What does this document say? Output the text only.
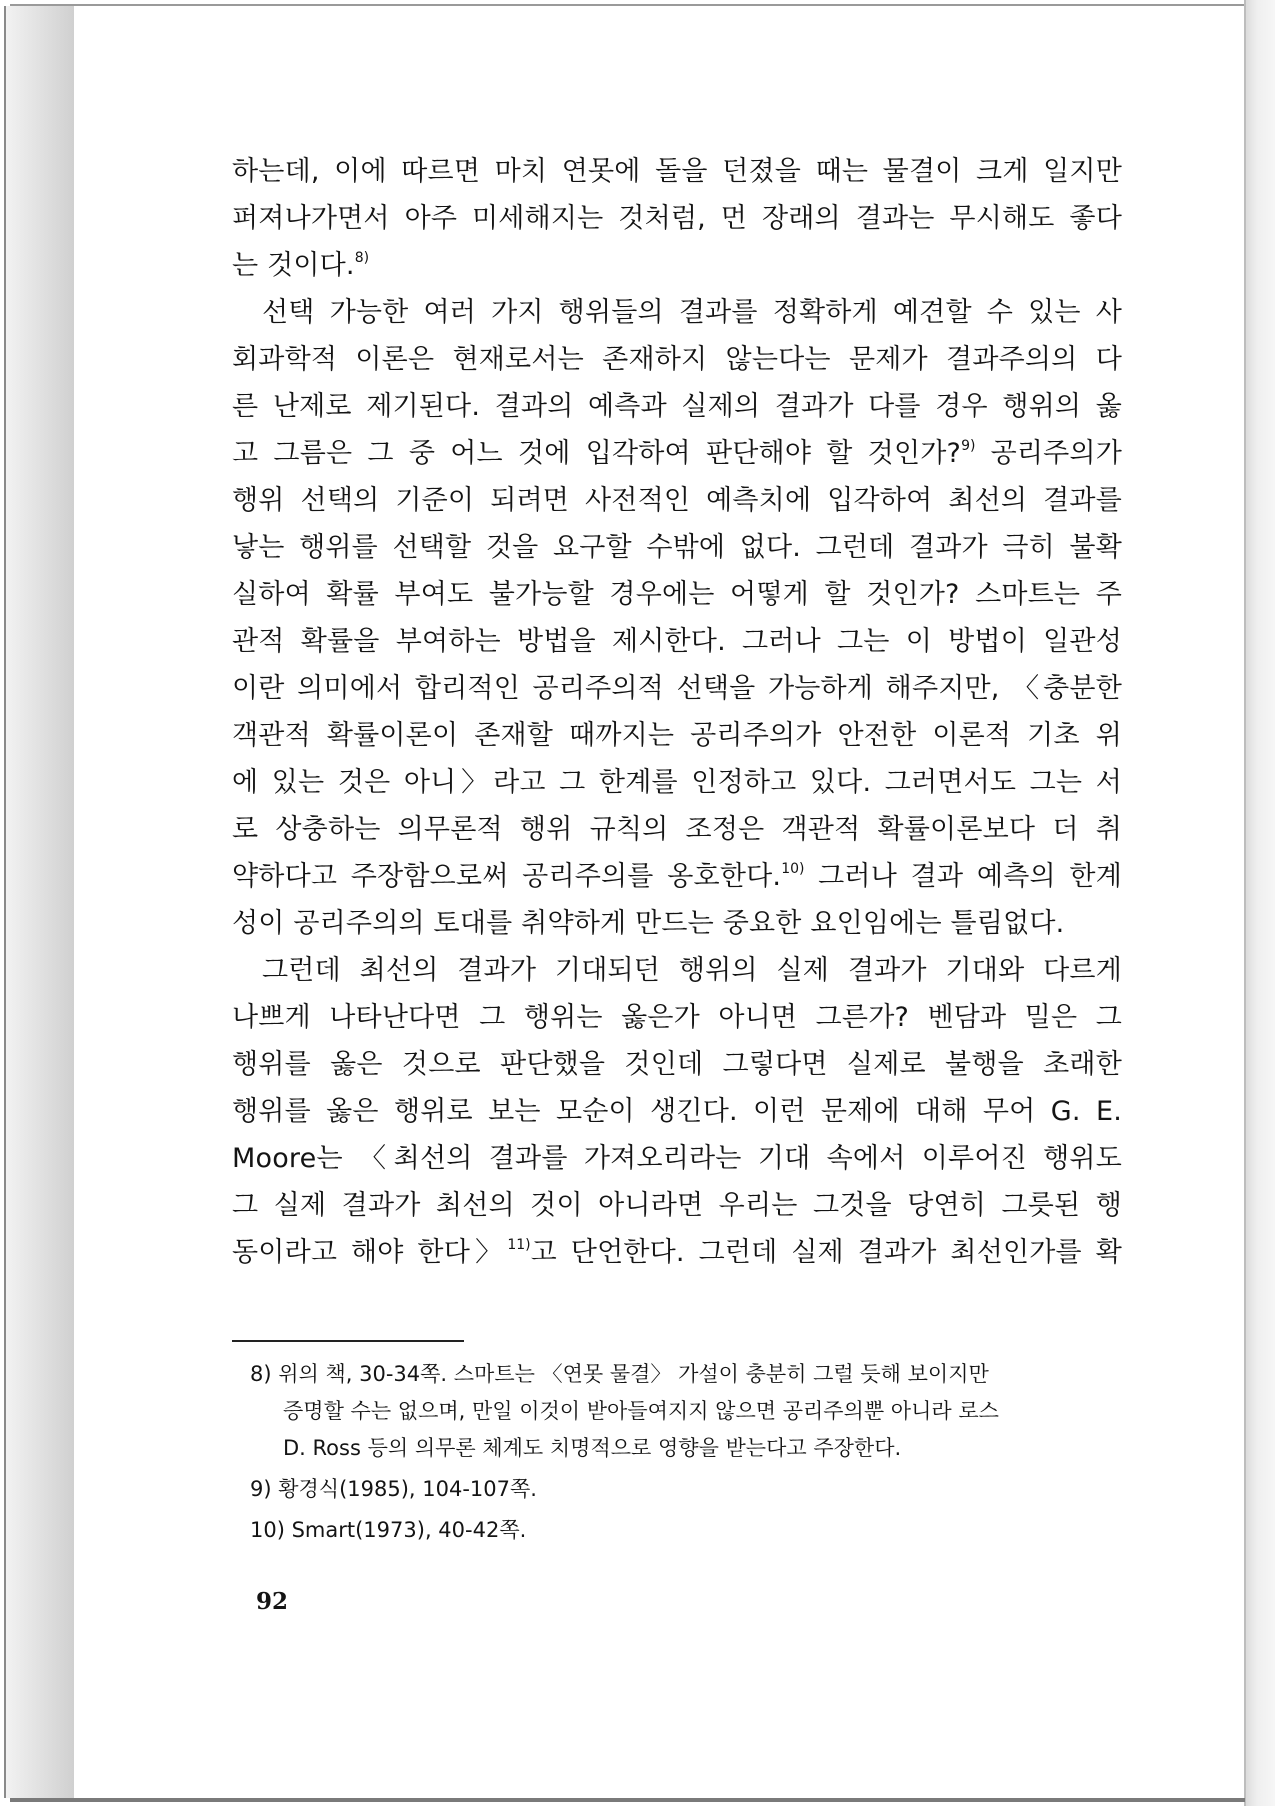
하는데, 이에 따르면 마치 연못에 돌을 던졌을 때는 물결이 크게 일지만
퍼져나가면서 아주 미세해지는 것처럼, 먼 장래의 결과는 무시해도 좋다
는 것이다.$^{8)}$
선택 가능한 여러 가지 행위들의 결과를 정확하게 예견할 수 있는 사
회과학적 이론은 현재로서는 존재하지 않는다는 문제가 결과주의의 다
른 난제로 제기된다. 결과의 예측과 실제의 결과가 다를 경우 행위의 옳
고 그름은 그 중 어느 것에 입각하여 판단해야 할 것인가?$^{9)}$ 공리주의가
행위 선택의 기준이 되려면 사전적인 예측치에 입각하여 최선의 결과를
낳는 행위를 선택할 것을 요구할 수밖에 없다. 그런데 결과가 극히 불확
실하여 확률 부여도 불가능할 경우에는 어떻게 할 것인가? 스마트는 주
관적 확률을 부여하는 방법을 제시한다. 그러나 그는 이 방법이 일관성
이란 의미에서 합리적인 공리주의적 선택을 가능하게 해주지만, 〈충분한
객관적 확률이론이 존재할 때까지는 공리주의가 안전한 이론적 기초 위
에 있는 것은 아니〉라고 그 한계를 인정하고 있다. 그러면서도 그는 서
로 상충하는 의무론적 행위 규칙의 조정은 객관적 확률이론보다 더 취
약하다고 주장함으로써 공리주의를 옹호한다.$^{10)}$ 그러나 결과 예측의 한계
성이 공리주의의 토대를 취약하게 만드는 중요한 요인임에는 틀림없다.
그런데 최선의 결과가 기대되던 행위의 실제 결과가 기대와 다르게
나쁘게 나타난다면 그 행위는 옳은가 아니면 그른가? 벤담과 밀은 그
행위를 옳은 것으로 판단했을 것인데 그렇다면 실제로 불행을 초래한
행위를 옳은 행위로 보는 모순이 생긴다. 이런 문제에 대해 무어 G. E.
Moore는 〈최선의 결과를 가져오리라는 기대 속에서 이루어진 행위도
그 실제 결과가 최선의 것이 아니라면 우리는 그것을 당연히 그릇된 행
동이라고 해야 한다〉$^{11)}$고 단언한다. 그런데 실제 결과가 최선인가를 확
8) 위의 책, 30-34쪽. 스마트는 〈연못 물결〉 가설이 충분히 그럴 듯해 보이지만
증명할 수는 없으며, 만일 이것이 받아들여지지 않으면 공리주의뿐 아니라 로스
D. Ross 등의 의무론 체계도 치명적으로 영향을 받는다고 주장한다.
9) 황경식(1985), 104-107쪽.
10) Smart(1973), 40-42쪽.
92
